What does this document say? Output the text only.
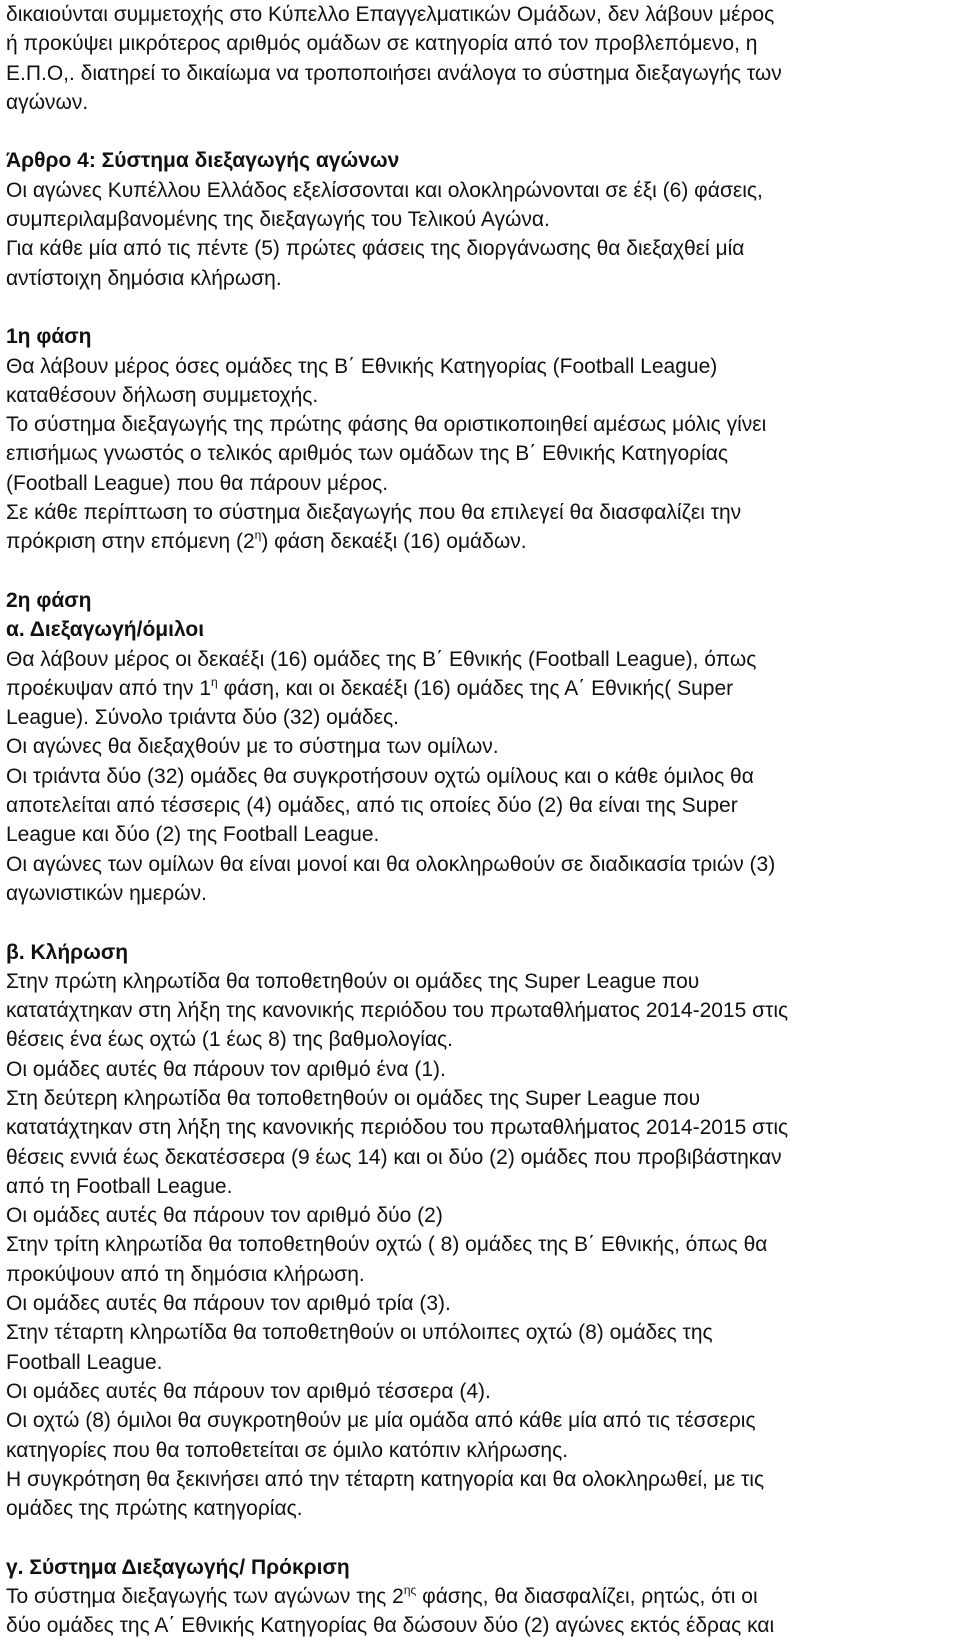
δικαιούνται συμμετοχής στο Κύπελλο Επαγγελματικών Ομάδων, δεν λάβουν μέρος
ή προκύψει μικρότερος αριθμός ομάδων σε κατηγορία από τον προβλεπόμενο, η
Ε.Π.Ο,. διατηρεί το δικαίωμα να τροποποιήσει ανάλογα το σύστημα διεξαγωγής των
αγώνων.
Άρθρο 4: Σύστημα διεξαγωγής αγώνων
Οι αγώνες Κυπέλλου Ελλάδος εξελίσσονται και ολοκληρώνονται σε έξι (6) φάσεις,
συμπεριλαμβανομένης της διεξαγωγής του Τελικού Αγώνα.
Για κάθε μία από τις πέντε (5) πρώτες φάσεις της διοργάνωσης θα διεξαχθεί μία
αντίστοιχη δημόσια κλήρωση.
1η φάση
Θα λάβουν μέρος όσες ομάδες της Β΄ Εθνικής Κατηγορίας (Football League)
καταθέσουν δήλωση συμμετοχής.
Το σύστημα διεξαγωγής της πρώτης φάσης θα οριστικοποιηθεί αμέσως μόλις γίνει
επισήμως γνωστός ο τελικός αριθμός των ομάδων της Β΄ Εθνικής Κατηγορίας
(Football League) που θα πάρουν μέρος.
Σε κάθε περίπτωση το σύστημα διεξαγωγής που θα επιλεγεί θα διασφαλίζει την
πρόκριση στην επόμενη $(2^\eta)$ φάση δεκαέξι (16) ομάδων.
2η φάση
α. Διεξαγωγή/όμιλοι
Θα λάβουν μέρος οι δεκαέξι (16) ομάδες της Β΄ Εθνικής (Football League), όπως
προέκυψαν από την $1^\eta$ φάση, και οι δεκαέξι (16) ομάδες της Α΄ Εθνικής( Super
League). Σύνολο τριάντα δύο (32) ομάδες.
Οι αγώνες θα διεξαχθούν με το σύστημα των ομίλων.
Οι τριάντα δύο (32) ομάδες θα συγκροτήσουν οχτώ ομίλους και ο κάθε όμιλος θα
αποτελείται από τέσσερις (4) ομάδες, από τις οποίες δύο (2) θα είναι της Super
League και δύο (2) της Football League.
Οι αγώνες των ομίλων θα είναι μονοί και θα ολοκληρωθούν σε διαδικασία τριών (3)
αγωνιστικών ημερών.
β. Κλήρωση
Στην πρώτη κληρωτίδα θα τοποθετηθούν οι ομάδες της Super League που
κατατάχτηκαν στη λήξη της κανονικής περιόδου του πρωταθλήματος 2014-2015 στις
θέσεις ένα έως οχτώ (1 έως 8) της βαθμολογίας.
Οι ομάδες αυτές θα πάρουν τον αριθμό ένα (1).
Στη δεύτερη κληρωτίδα θα τοποθετηθούν οι ομάδες της Super League που
κατατάχτηκαν στη λήξη της κανονικής περιόδου του πρωταθλήματος 2014-2015 στις
θέσεις εννιά έως δεκατέσσερα (9 έως 14) και οι δύο (2) ομάδες που προβιβάστηκαν
από τη Football League.
Οι ομάδες αυτές θα πάρουν τον αριθμό δύο (2)
Στην τρίτη κληρωτίδα θα τοποθετηθούν οχτώ ( 8) ομάδες της Β΄ Εθνικής, όπως θα
προκύψουν από τη δημόσια κλήρωση.
Οι ομάδες αυτές θα πάρουν τον αριθμό τρία (3).
Στην τέταρτη κληρωτίδα θα τοποθετηθούν οι υπόλοιπες οχτώ (8) ομάδες της
Football League.
Οι ομάδες αυτές θα πάρουν τον αριθμό τέσσερα (4).
Οι οχτώ (8) όμιλοι θα συγκροτηθούν με μία ομάδα από κάθε μία από τις τέσσερις
κατηγορίες που θα τοποθετείται σε όμιλο κατόπιν κλήρωσης.
Η συγκρότηση θα ξεκινήσει από την τέταρτη κατηγορία και θα ολοκληρωθεί, με τις
ομάδες της πρώτης κατηγορίας.
γ. Σύστημα Διεξαγωγής/ Πρόκριση
Το σύστημα διεξαγωγής των αγώνων της $2^{\eta\varsigma}$ φάσης, θα διασφαλίζει, ρητώς, ότι οι
δύο ομάδες της Α΄ Εθνικής Κατηγορίας θα δώσουν δύο (2) αγώνες εκτός έδρας και
